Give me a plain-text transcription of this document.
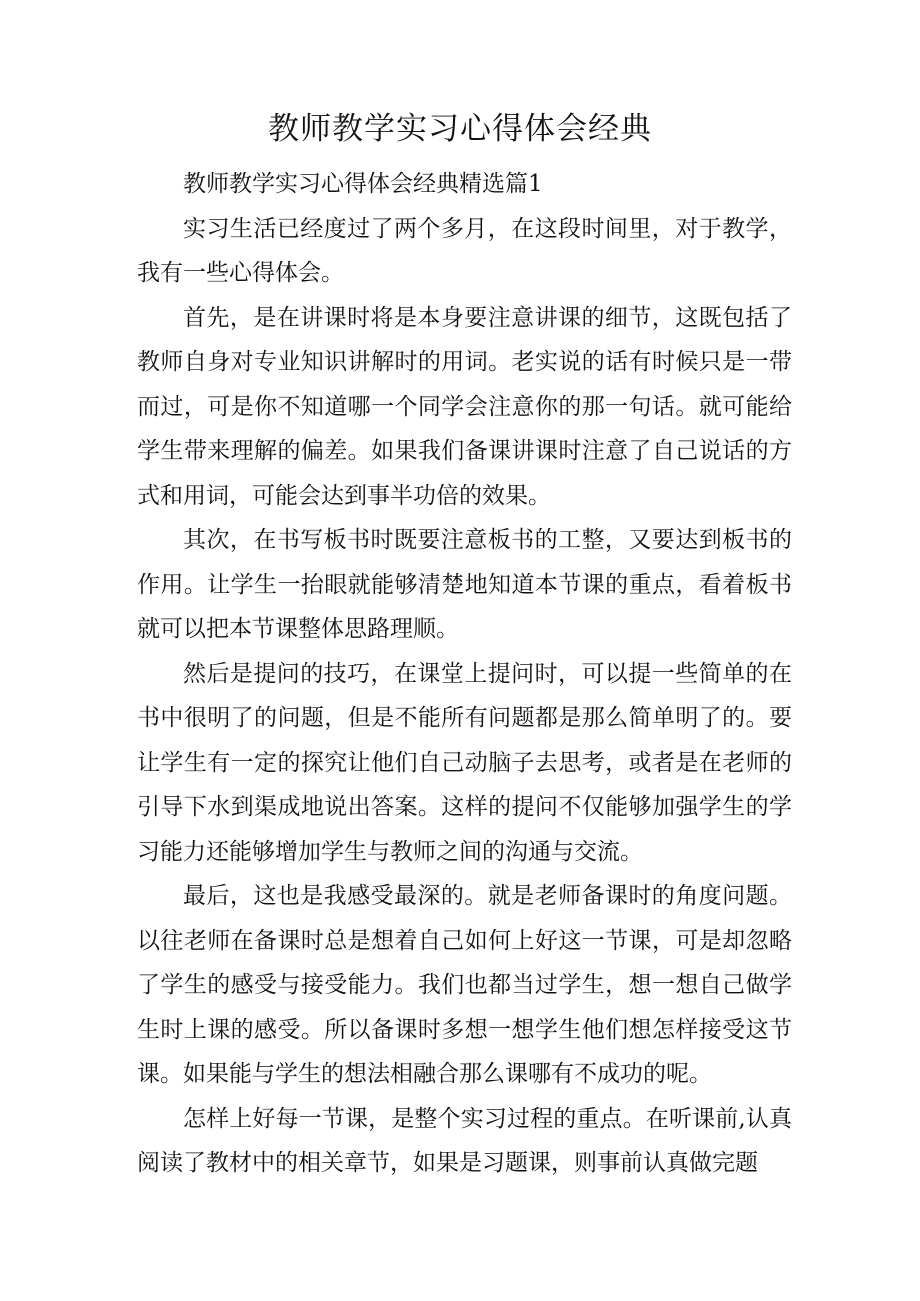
教师教学实习心得体会经典

教师教学实习心得体会经典精选篇1

实习生活已经度过了两个多月，在这段时间里，对于教学，我有一些心得体会。

首先，是在讲课时将是本身要注意讲课的细节，这既包括了教师自身对专业知识讲解时的用词。老实说的话有时候只是一带而过，可是你不知道哪一个同学会注意你的那一句话。就可能给学生带来理解的偏差。如果我们备课讲课时注意了自己说话的方式和用词，可能会达到事半功倍的效果。

其次，在书写板书时既要注意板书的工整，又要达到板书的作用。让学生一抬眼就能够清楚地知道本节课的重点，看着板书就可以把本节课整体思路理顺。

然后是提问的技巧，在课堂上提问时，可以提一些简单的在书中很明了的问题，但是不能所有问题都是那么简单明了的。要让学生有一定的探究让他们自己动脑子去思考，或者是在老师的引导下水到渠成地说出答案。这样的提问不仅能够加强学生的学习能力还能够增加学生与教师之间的沟通与交流。

最后，这也是我感受最深的。就是老师备课时的角度问题。以往老师在备课时总是想着自己如何上好这一节课，可是却忽略了学生的感受与接受能力。我们也都当过学生，想一想自己做学生时上课的感受。所以备课时多想一想学生他们想怎样接受这节课。如果能与学生的想法相融合那么课哪有不成功的呢。

怎样上好每一节课，是整个实习过程的重点。在听课前,认真阅读了教材中的相关章节，如果是习题课，则事前认真做完题
